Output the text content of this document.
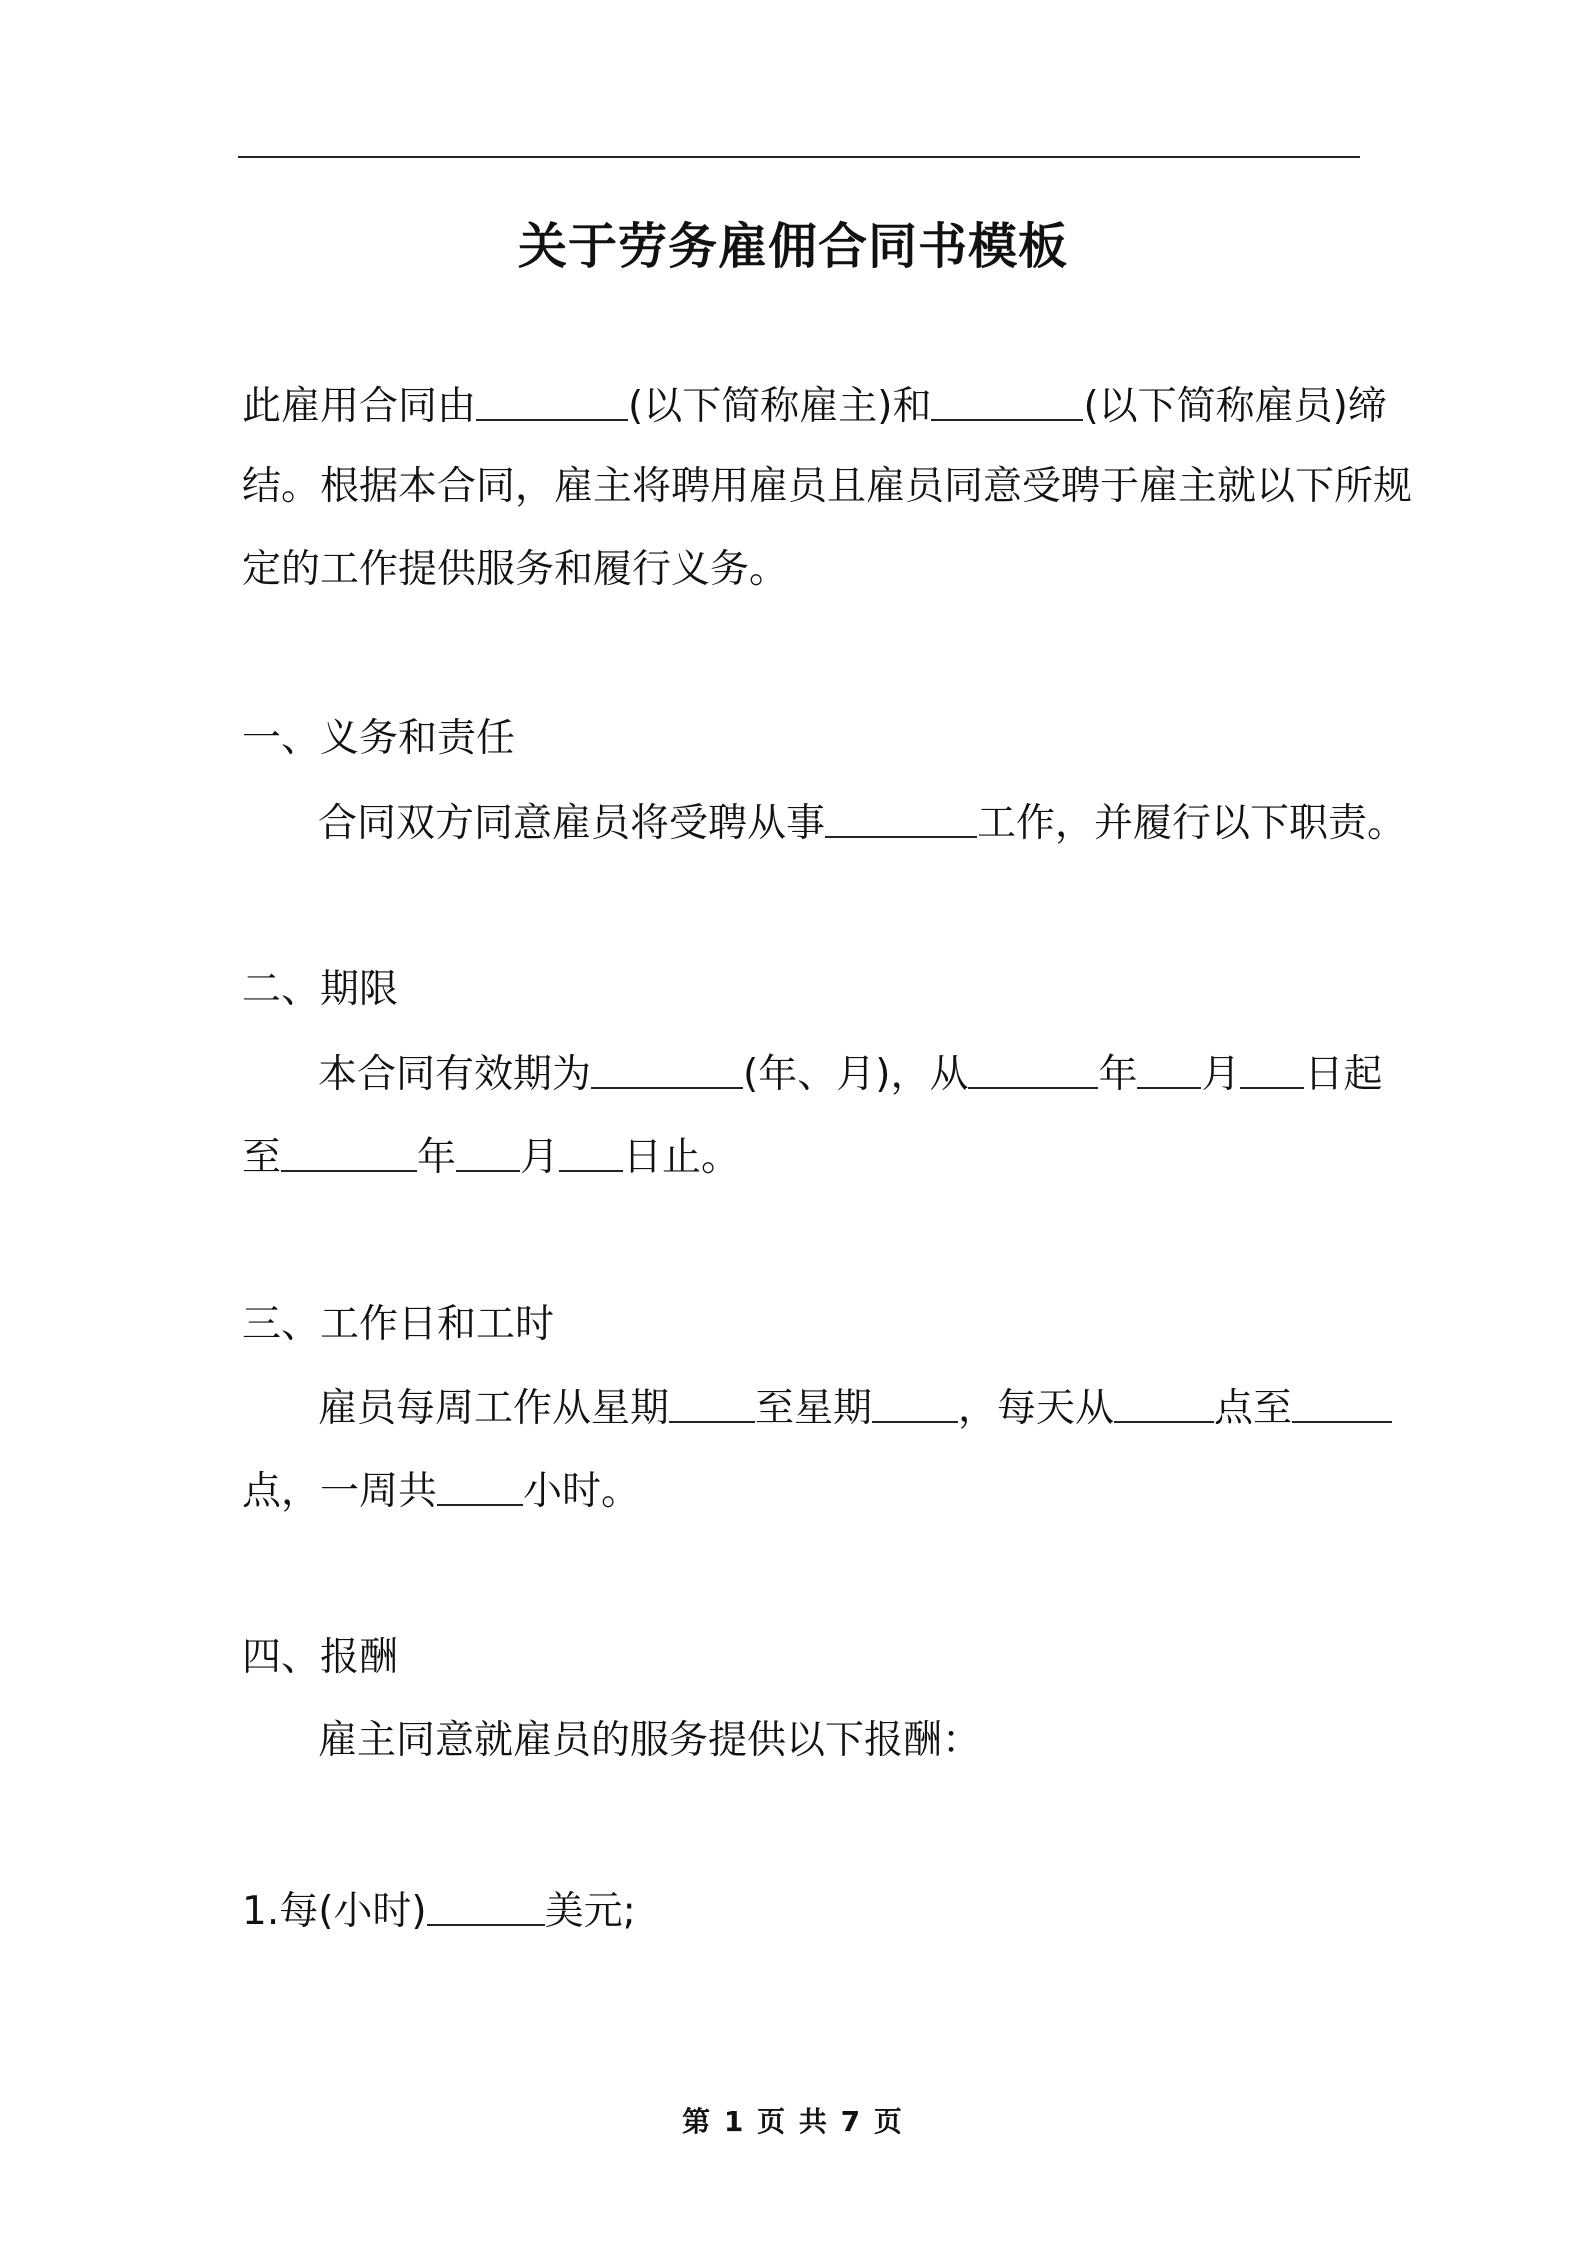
关于劳务雇佣合同书模板
此雇用合同由	(以下简称雇主)和	(以下简称雇员)缔
结。根据本合同，雇主将聘用雇员且雇员同意受聘于雇主就以下所规
定的工作提供服务和履行义务。
一、义务和责任
合同双方同意雇员将受聘从事	工作，并履行以下职责。
二、期限
本合同有效期为	(年、月)，从	年 月 日起
至	年 月 日止。
三、工作日和工时
雇员每周工作从星期 至星期 ，每天从	点至
点，一周共 小时。
四、报酬
雇主同意就雇员的服务提供以下报酬：
1.每(小时)	美元;
第 1 页 共 7 页
